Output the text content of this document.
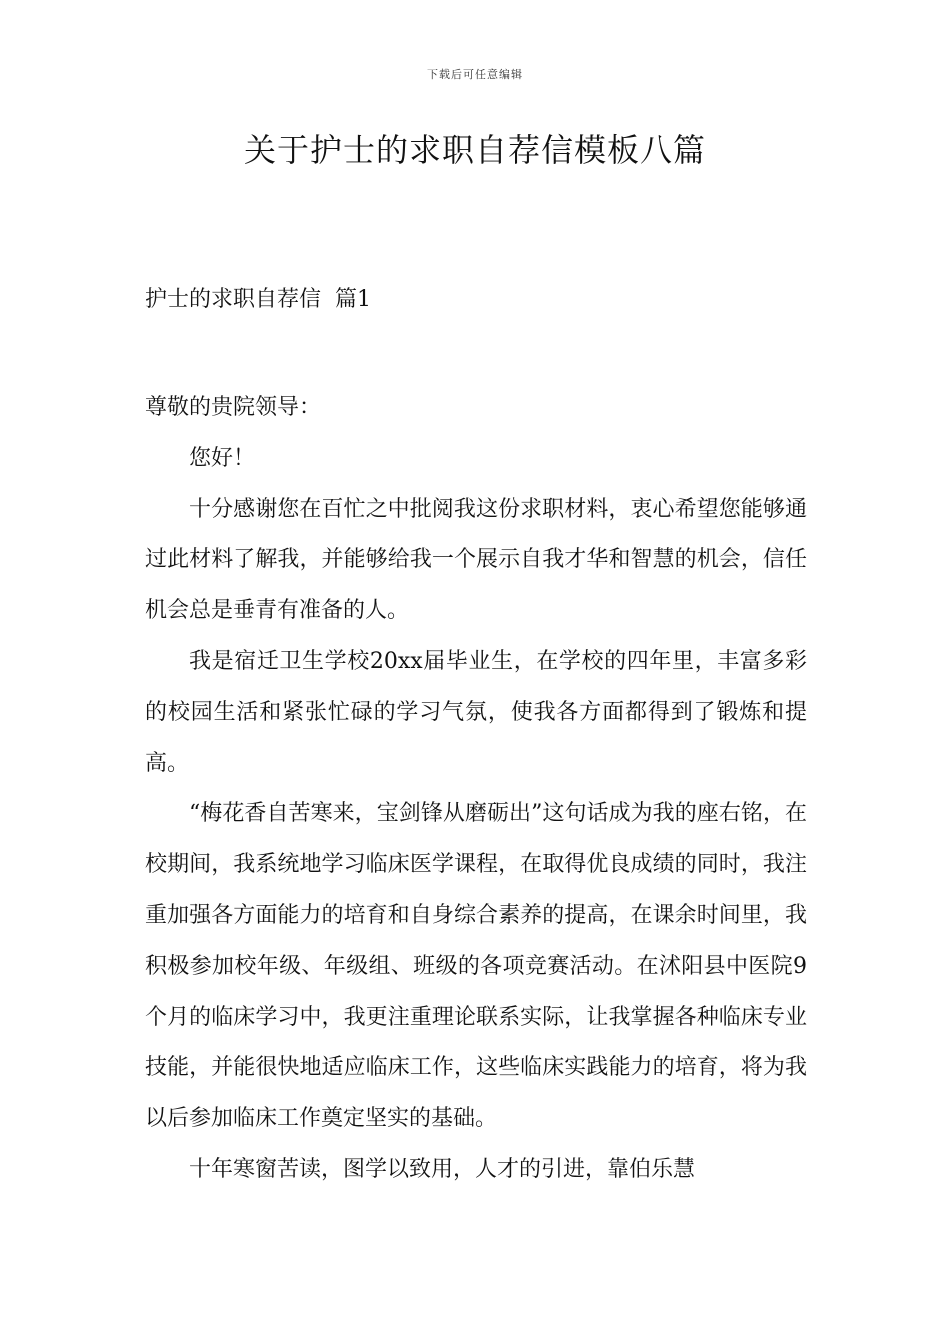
下载后可任意编辑
关于护士的求职自荐信模板八篇
护士的求职自荐信  篇1

尊敬的贵院领导：

您好！

十分感谢您在百忙之中批阅我这份求职材料，衷心希望您能够通过此材料了解我，并能够给我一个展示自我才华和智慧的机会，信任机会总是垂青有准备的人。

我是宿迁卫生学校20xx届毕业生，在学校的四年里，丰富多彩的校园生活和紧张忙碌的学习气氛，使我各方面都得到了锻炼和提高。

“梅花香自苦寒来，宝剑锋从磨砺出”这句话成为我的座右铭，在校期间，我系统地学习临床医学课程，在取得优良成绩的同时，我注重加强各方面能力的培育和自身综合素养的提高，在课余时间里，我积极参加校年级、年级组、班级的各项竞赛活动。在沭阳县中医院9个月的临床学习中，我更注重理论联系实际，让我掌握各种临床专业技能，并能很快地适应临床工作，这些临床实践能力的培育，将为我以后参加临床工作奠定坚实的基础。

十年寒窗苦读，图学以致用，人才的引进，靠伯乐慧
